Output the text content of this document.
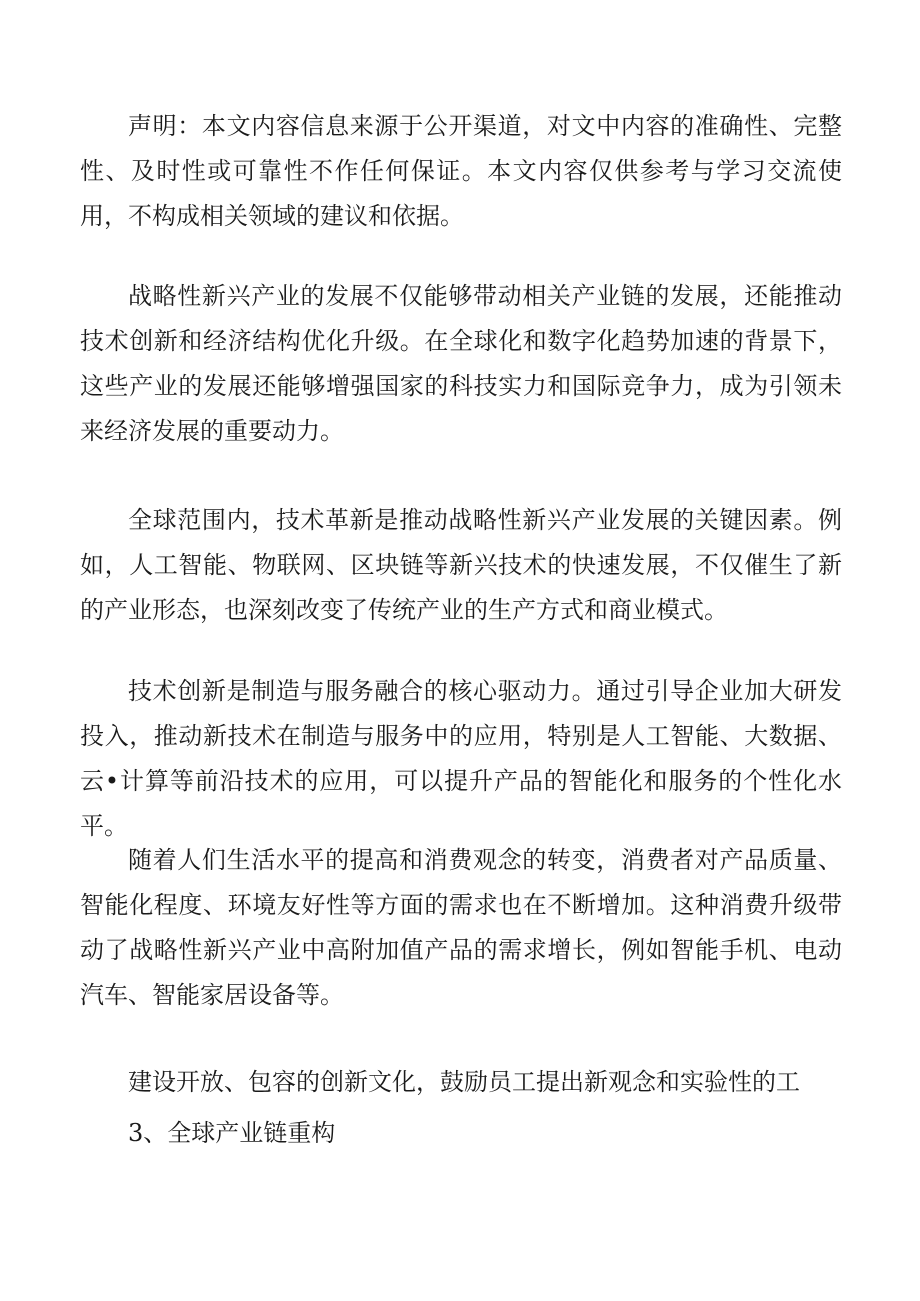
声明：本文内容信息来源于公开渠道，对文中内容的准确性、完整性、及时性或可靠性不作任何保证。本文内容仅供参考与学习交流使用，不构成相关领域的建议和依据。

战略性新兴产业的发展不仅能够带动相关产业链的发展，还能推动技术创新和经济结构优化升级。在全球化和数字化趋势加速的背景下，这些产业的发展还能够增强国家的科技实力和国际竞争力，成为引领未来经济发展的重要动力。

全球范围内，技术革新是推动战略性新兴产业发展的关键因素。例如，人工智能、物联网、区块链等新兴技术的快速发展，不仅催生了新的产业形态，也深刻改变了传统产业的生产方式和商业模式。

技术创新是制造与服务融合的核心驱动力。通过引导企业加大研发投入，推动新技术在制造与服务中的应用，特别是人工智能、大数据、云•计算等前沿技术的应用，可以提升产品的智能化和服务的个性化水平。

随着人们生活水平的提高和消费观念的转变，消费者对产品质量、智能化程度、环境友好性等方面的需求也在不断增加。这种消费升级带动了战略性新兴产业中高附加值产品的需求增长，例如智能手机、电动汽车、智能家居设备等。

建设开放、包容的创新文化，鼓励员工提出新观念和实验性的工

3、全球产业链重构
